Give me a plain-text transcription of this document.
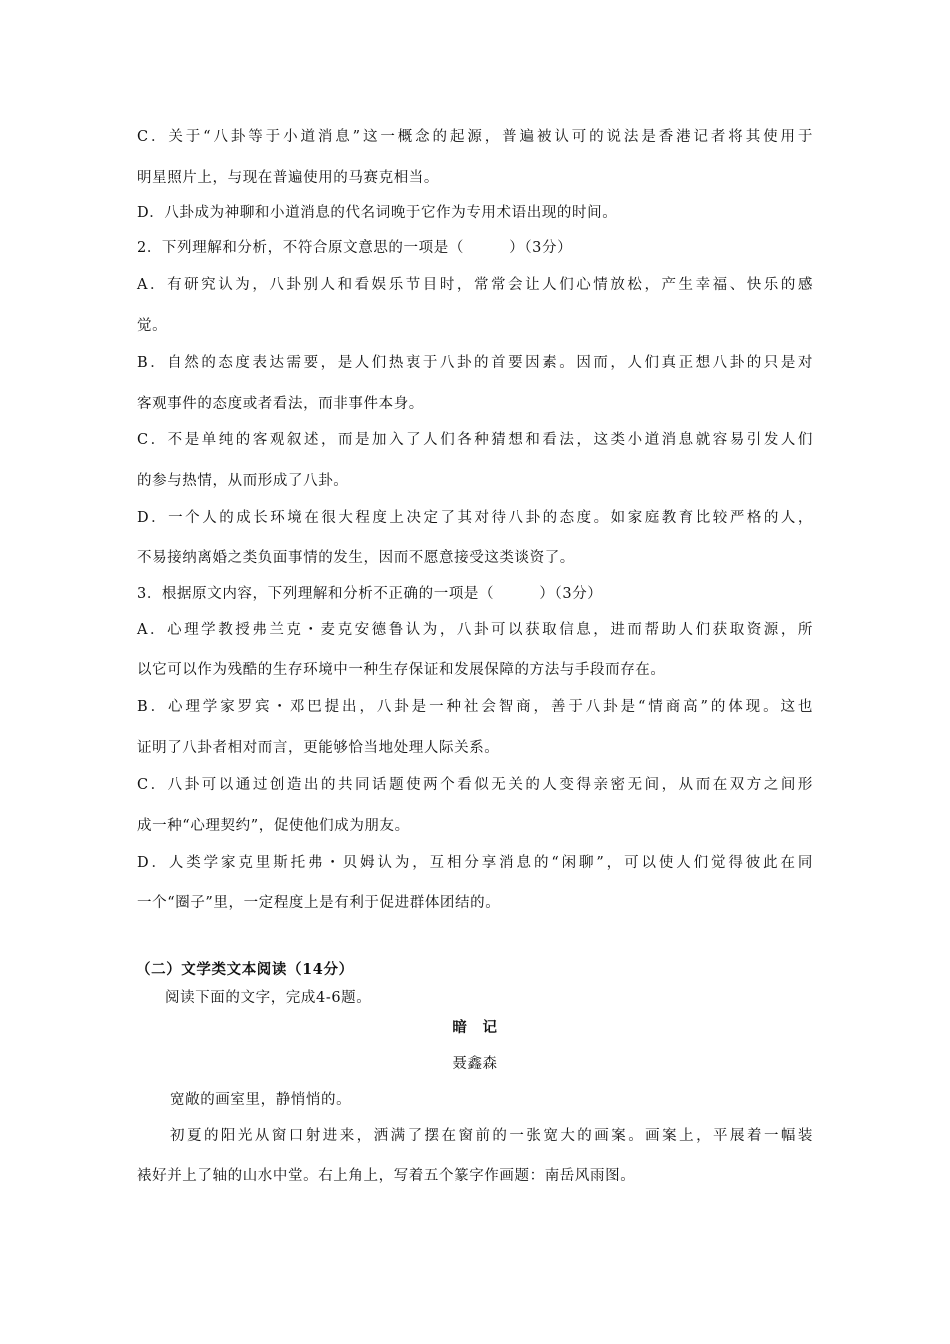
C．关于“八卦等于小道消息”这一概念的起源，普遍被认可的说法是香港记者将其使用于
明星照片上，与现在普遍使用的马赛克相当。
D．八卦成为神聊和小道消息的代名词晚于它作为专用术语出现的时间。
2．下列理解和分析，不符合原文意思的一项是（　　　）（3分）
A．有研究认为，八卦别人和看娱乐节目时，常常会让人们心情放松，产生幸福、快乐的感
觉。
B．自然的态度表达需要，是人们热衷于八卦的首要因素。因而，人们真正想八卦的只是对
客观事件的态度或者看法，而非事件本身。
C．不是单纯的客观叙述，而是加入了人们各种猜想和看法，这类小道消息就容易引发人们
的参与热情，从而形成了八卦。
D．一个人的成长环境在很大程度上决定了其对待八卦的态度。如家庭教育比较严格的人，
不易接纳离婚之类负面事情的发生，因而不愿意接受这类谈资了。
3．根据原文内容，下列理解和分析不正确的一项是（　　　）（3分）
A．心理学教授弗兰克・麦克安德鲁认为，八卦可以获取信息，进而帮助人们获取资源，所
以它可以作为残酷的生存环境中一种生存保证和发展保障的方法与手段而存在。
B．心理学家罗宾・邓巴提出，八卦是一种社会智商，善于八卦是“情商高”的体现。这也
证明了八卦者相对而言，更能够恰当地处理人际关系。
C．八卦可以通过创造出的共同话题使两个看似无关的人变得亲密无间，从而在双方之间形
成一种“心理契约”，促使他们成为朋友。
D．人类学家克里斯托弗・贝姆认为，互相分享消息的“闲聊”，可以使人们觉得彼此在同
一个“圈子”里，一定程度上是有利于促进群体团结的。
（二）文学类文本阅读（14分）
阅读下面的文字，完成4-6题。
暗　记
聂鑫森
宽敞的画室里，静悄悄的。
初夏的阳光从窗口射进来，洒满了摆在窗前的一张宽大的画案。画案上，平展着一幅装
裱好并上了轴的山水中堂。右上角上，写着五个篆字作画题：南岳风雨图。
